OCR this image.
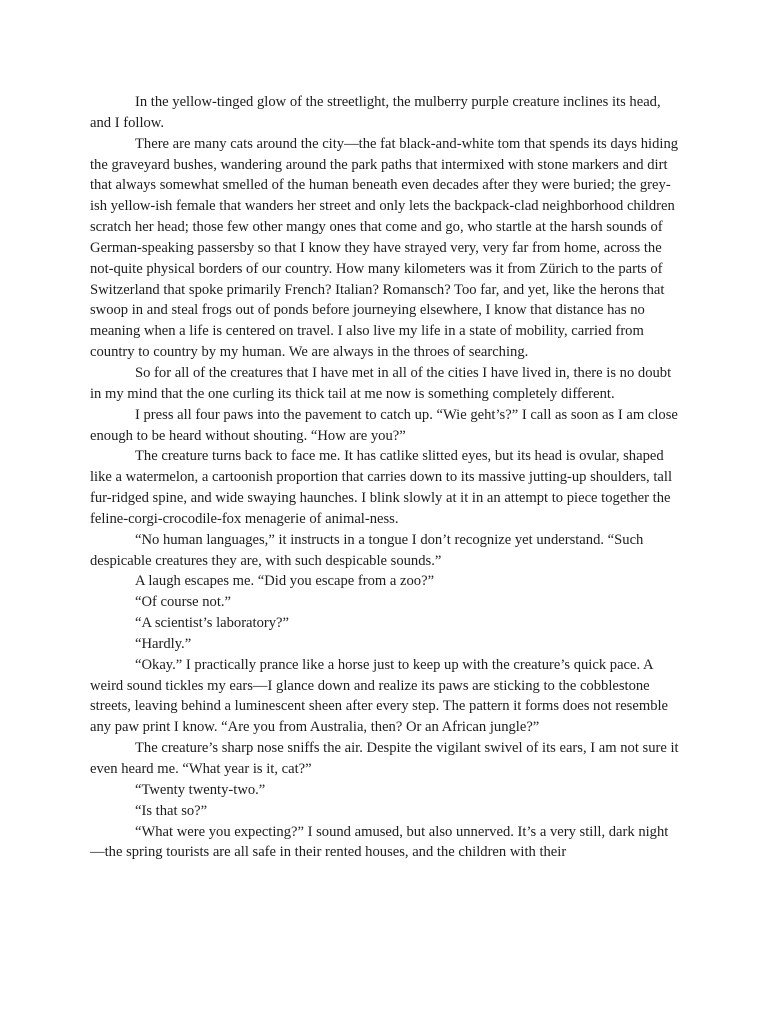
In the yellow-tinged glow of the streetlight, the mulberry purple creature inclines its head, and I follow.

There are many cats around the city—the fat black-and-white tom that spends its days hiding the graveyard bushes, wandering around the park paths that intermixed with stone markers and dirt that always somewhat smelled of the human beneath even decades after they were buried; the grey-ish yellow-ish female that wanders her street and only lets the backpack-clad neighborhood children scratch her head; those few other mangy ones that come and go, who startle at the harsh sounds of German-speaking passersby so that I know they have strayed very, very far from home, across the not-quite physical borders of our country. How many kilometers was it from Zürich to the parts of Switzerland that spoke primarily French? Italian? Romansch? Too far, and yet, like the herons that swoop in and steal frogs out of ponds before journeying elsewhere, I know that distance has no meaning when a life is centered on travel. I also live my life in a state of mobility, carried from country to country by my human. We are always in the throes of searching.

So for all of the creatures that I have met in all of the cities I have lived in, there is no doubt in my mind that the one curling its thick tail at me now is something completely different.

I press all four paws into the pavement to catch up. “Wie geht’s?” I call as soon as I am close enough to be heard without shouting. “How are you?”

The creature turns back to face me. It has catlike slitted eyes, but its head is ovular, shaped like a watermelon, a cartoonish proportion that carries down to its massive jutting-up shoulders, tall fur-ridged spine, and wide swaying haunches. I blink slowly at it in an attempt to piece together the feline-corgi-crocodile-fox menagerie of animal-ness.

“No human languages,” it instructs in a tongue I don’t recognize yet understand. “Such despicable creatures they are, with such despicable sounds.”

A laugh escapes me. “Did you escape from a zoo?”

“Of course not.”

“A scientist’s laboratory?”

“Hardly.”

“Okay.” I practically prance like a horse just to keep up with the creature’s quick pace. A weird sound tickles my ears—I glance down and realize its paws are sticking to the cobblestone streets, leaving behind a luminescent sheen after every step. The pattern it forms does not resemble any paw print I know. “Are you from Australia, then? Or an African jungle?”

The creature’s sharp nose sniffs the air. Despite the vigilant swivel of its ears, I am not sure it even heard me. “What year is it, cat?”

“Twenty twenty-two.”

“Is that so?”

“What were you expecting?” I sound amused, but also unnerved. It’s a very still, dark night—the spring tourists are all safe in their rented houses, and the children with their
